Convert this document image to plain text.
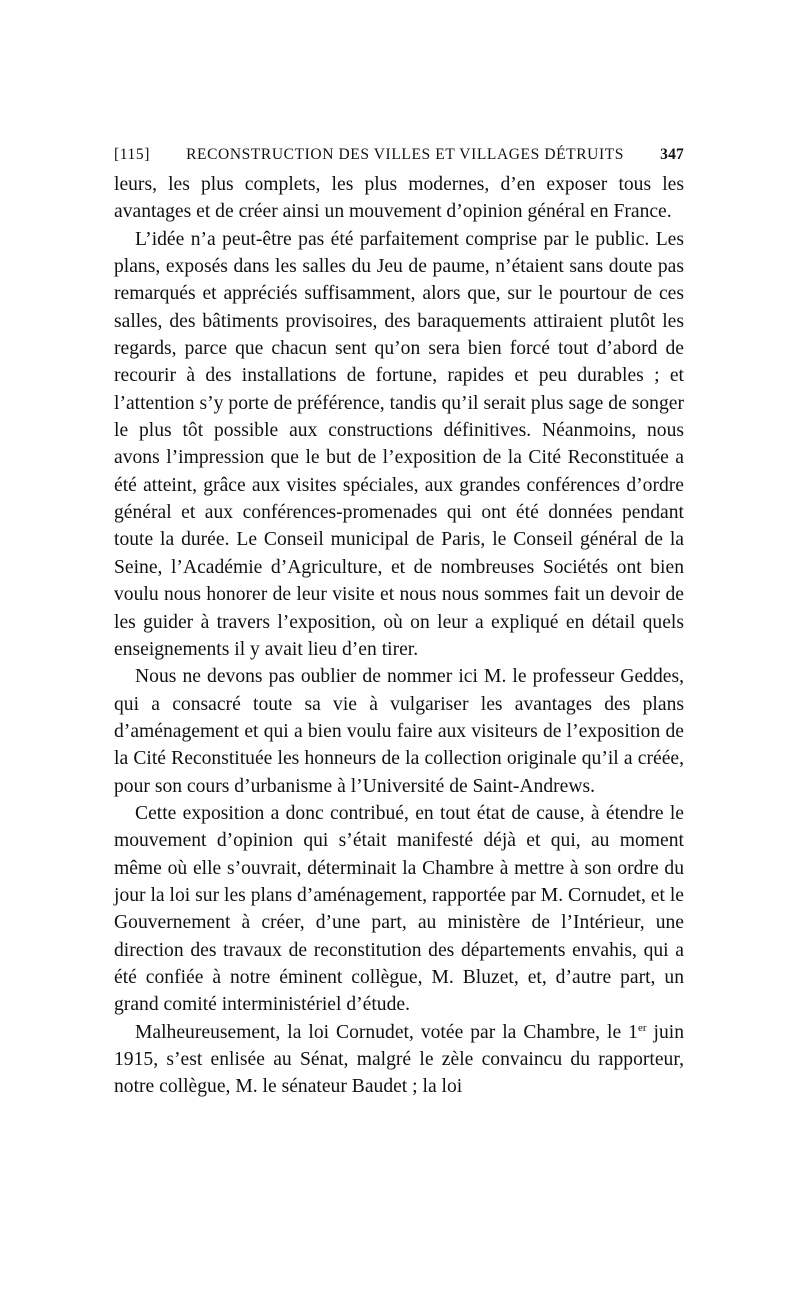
[115] RECONSTRUCTION DES VILLES ET VILLAGES DÉTRUITS 347

leurs, les plus complets, les plus modernes, d’en exposer tous les avantages et de créer ainsi un mouvement d’opinion général en France.

L’idée n’a peut-être pas été parfaitement comprise par le public. Les plans, exposés dans les salles du Jeu de paume, n’étaient sans doute pas remarqués et appréciés suffisamment, alors que, sur le pourtour de ces salles, des bâtiments provisoires, des baraquements attiraient plutôt les regards, parce que chacun sent qu’on sera bien forcé tout d’abord de recourir à des installations de fortune, rapides et peu durables ; et l’attention s’y porte de préférence, tandis qu’il serait plus sage de songer le plus tôt possible aux constructions définitives. Néanmoins, nous avons l’impression que le but de l’exposition de la Cité Reconstituée a été atteint, grâce aux visites spéciales, aux grandes conférences d’ordre général et aux conférences-promenades qui ont été données pendant toute la durée. Le Conseil municipal de Paris, le Conseil général de la Seine, l’Académie d’Agriculture, et de nombreuses Sociétés ont bien voulu nous honorer de leur visite et nous nous sommes fait un devoir de les guider à travers l’exposition, où on leur a expliqué en détail quels enseignements il y avait lieu d’en tirer.

Nous ne devons pas oublier de nommer ici M. le professeur Geddes, qui a consacré toute sa vie à vulgariser les avantages des plans d’aménagement et qui a bien voulu faire aux visiteurs de l’exposition de la Cité Reconstituée les honneurs de la collection originale qu’il a créée, pour son cours d’urbanisme à l’Université de Saint-Andrews.

Cette exposition a donc contribué, en tout état de cause, à étendre le mouvement d’opinion qui s’était manifesté déjà et qui, au moment même où elle s’ouvrait, déterminait la Chambre à mettre à son ordre du jour la loi sur les plans d’aménagement, rapportée par M. Cornudet, et le Gouvernement à créer, d’une part, au ministère de l’Intérieur, une direction des travaux de reconstitution des départements envahis, qui a été confiée à notre éminent collègue, M. Bluzet, et, d’autre part, un grand comité interministériel d’étude.

Malheureusement, la loi Cornudet, votée par la Chambre, le 1er juin 1915, s’est enlisée au Sénat, malgré le zèle convaincu du rapporteur, notre collègue, M. le sénateur Baudet ; la loi
